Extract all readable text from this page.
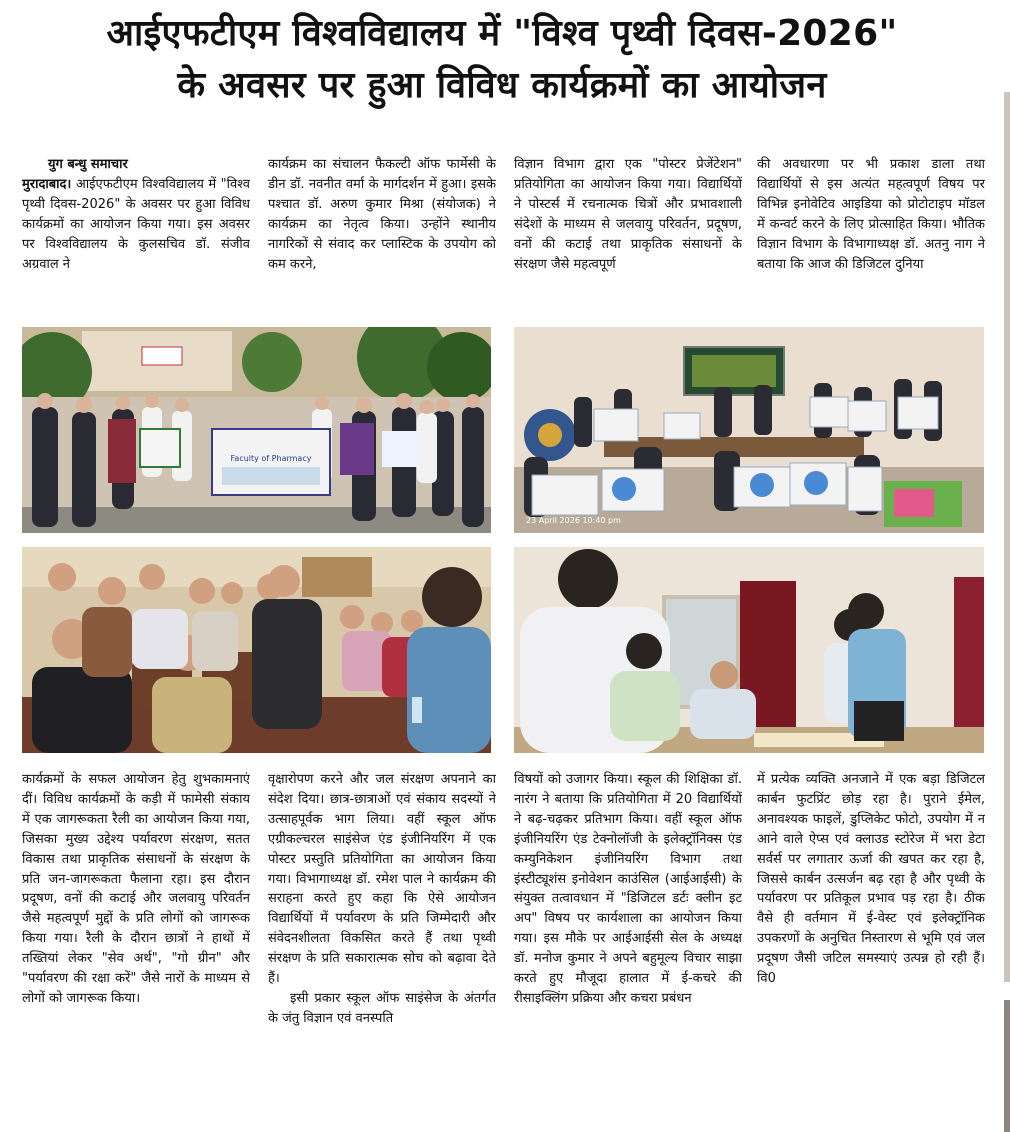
आईएफटीएम विश्वविद्यालय में "विश्व पृथ्वी दिवस-2026"
के अवसर पर हुआ विविध कार्यक्रमों का आयोजन

युग बन्धु समाचार

मुरादाबाद। आईएफटीएम विश्वविद्यालय में "विश्व पृथ्वी दिवस-2026" के अवसर पर हुआ विविध कार्यक्रमों का आयोजन किया गया। इस अवसर पर विश्वविद्यालय के कुलसचिव डॉ. संजीव अग्रवाल ने

कार्यक्रम का संचालन फैकल्टी ऑफ फार्मेसी के डीन डॉ. नवनीत वर्मा के मार्गदर्शन में हुआ। इसके पश्चात डॉ. अरुण कुमार मिश्रा (संयोजक) ने कार्यक्रम का नेतृत्व किया। उन्होंने स्थानीय नागरिकों से संवाद कर प्लास्टिक के उपयोग को कम करने,

विज्ञान विभाग द्वारा एक "पोस्टर प्रेजेंटेशन" प्रतियोगिता का आयोजन किया गया। विद्यार्थियों ने पोस्टर्स में रचनात्मक चित्रों और प्रभावशाली संदेशों के माध्यम से जलवायु परिवर्तन, प्रदूषण, वनों की कटाई तथा प्राकृतिक संसाधनों के संरक्षण जैसे महत्वपूर्ण

की अवधारणा पर भी प्रकाश डाला तथा विद्यार्थियों से इस अत्यंत महत्वपूर्ण विषय पर विभिन्न इनोवेटिव आइडिया को प्रोटोटाइप मॉडल में कन्वर्ट करने के लिए प्रोत्साहित किया। भौतिक विज्ञान विभाग के विभागाध्यक्ष डॉ. अतनु नाग ने बताया कि आज की डिजिटल दुनिया

Faculty of Pharmacy
23 April 2026 10:40 pm

कार्यक्रमों के सफल आयोजन हेतु शुभकामनाएं दीं। विविध कार्यक्रमों के कड़ी में फामेसी संकाय में एक जागरूकता रैली का आयोजन किया गया, जिसका मुख्य उद्देश्य पर्यावरण संरक्षण, सतत विकास तथा प्राकृतिक संसाधनों के संरक्षण के प्रति जन-जागरूकता फैलाना रहा। इस दौरान प्रदूषण, वनों की कटाई और जलवायु परिवर्तन जैसे महत्वपूर्ण मुद्दों के प्रति लोगों को जागरूक किया गया। रैली के दौरान छात्रों ने हाथों में तख्तियां लेकर "सेव अर्थ", "गो ग्रीन" और "पर्यावरण की रक्षा करें" जैसे नारों के माध्यम से लोगों को जागरूक किया।

वृक्षारोपण करने और जल संरक्षण अपनाने का संदेश दिया। छात्र-छात्राओं एवं संकाय सदस्यों ने उत्साहपूर्वक भाग लिया। वहीं स्कूल ऑफ एग्रीकल्चरल साइंसेज एंड इंजीनियरिंग में एक पोस्टर प्रस्तुति प्रतियोगिता का आयोजन किया गया। विभागाध्यक्ष डॉ. रमेश पाल ने कार्यक्रम की सराहना करते हुए कहा कि ऐसे आयोजन विद्यार्थियों में पर्यावरण के प्रति जिम्मेदारी और संवेदनशीलता विकसित करते हैं तथा पृथ्वी संरक्षण के प्रति सकारात्मक सोच को बढ़ावा देते हैं।

इसी प्रकार स्कूल ऑफ साइंसेज के अंतर्गत के जंतु विज्ञान एवं वनस्पति

विषयों को उजागर किया। स्कूल की शिक्षिका डॉ. नारंग ने बताया कि प्रतियोगिता में 20 विद्यार्थियों ने बढ़-चढ़कर प्रतिभाग किया। वहीं स्कूल ऑफ इंजीनियरिंग एंड टेक्नोलॉजी के इलेक्ट्रॉनिक्स एंड कम्युनिकेशन इंजीनियरिंग विभाग तथा इंस्टीट्यूशंस इनोवेशन काउंसिल (आईआईसी) के संयुक्त तत्वावधान में "डिजिटल डर्टः क्लीन इट अप" विषय पर कार्यशाला का आयोजन किया गया। इस मौके पर आईआईसी सेल के अध्यक्ष डॉ. मनोज कुमार ने अपने बहुमूल्य विचार साझा करते हुए मौजूदा हालात में ई-कचरे की रीसाइक्लिंग प्रक्रिया और कचरा प्रबंधन

में प्रत्येक व्यक्ति अनजाने में एक बड़ा डिजिटल कार्बन फुटप्रिंट छोड़ रहा है। पुराने ईमेल, अनावश्यक फाइलें, डुप्लिकेट फोटो, उपयोग में न आने वाले ऐप्स एवं क्लाउड स्टोरेज में भरा डेटा सर्वर्स पर लगातार ऊर्जा की खपत कर रहा है, जिससे कार्बन उत्सर्जन बढ़ रहा है और पृथ्वी के पर्यावरण पर प्रतिकूल प्रभाव पड़ रहा है। ठीक वैसे ही वर्तमान में ई-वेस्ट एवं इलेक्ट्रॉनिक उपकरणों के अनुचित निस्तारण से भूमि एवं जल प्रदूषण जैसी जटिल समस्याएं उत्पन्न हो रही हैं। वि0
